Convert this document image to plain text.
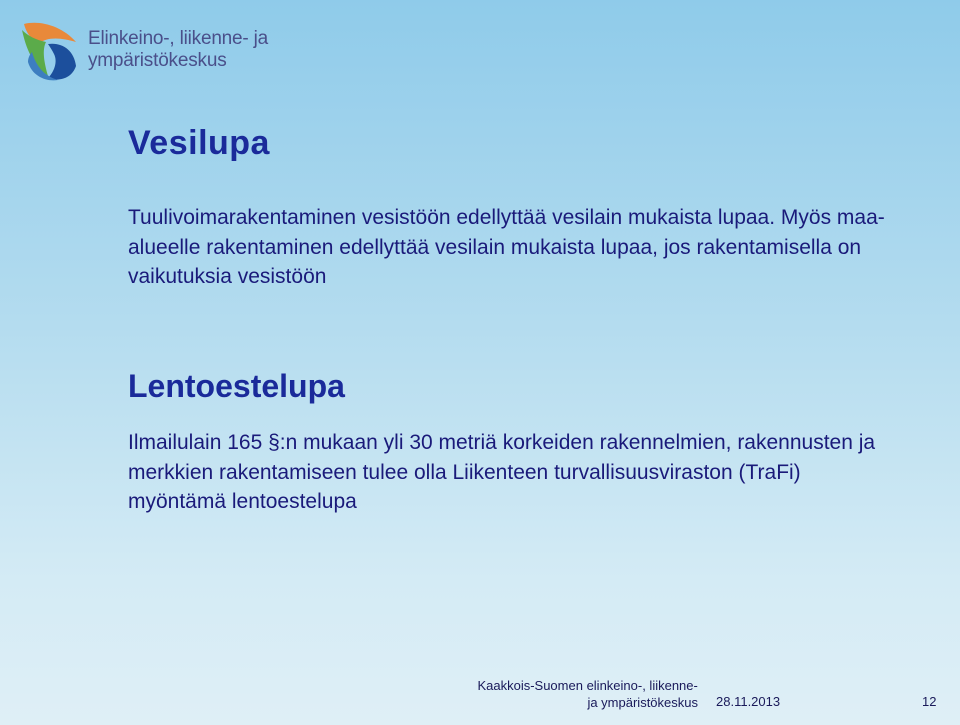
Elinkeino-, liikenne- ja
ympäristökeskus
Vesilupa

Tuulivoimarakentaminen vesistöön edellyttää vesilain mukaista lupaa. Myös maa-alueelle rakentaminen edellyttää vesilain mukaista lupaa, jos rakentamisella on vaikutuksia vesistöön

Lentoestelupa

Ilmailulain 165 §:n mukaan yli 30 metriä korkeiden rakennelmien, rakennusten ja merkkien rakentamiseen tulee olla Liikenteen turvallisuusviraston (TraFi) myöntämä lentoestelupa

Kaakkois-Suomen elinkeino-, liikenne-
ja ympäristökeskus 28.11.2013	12
